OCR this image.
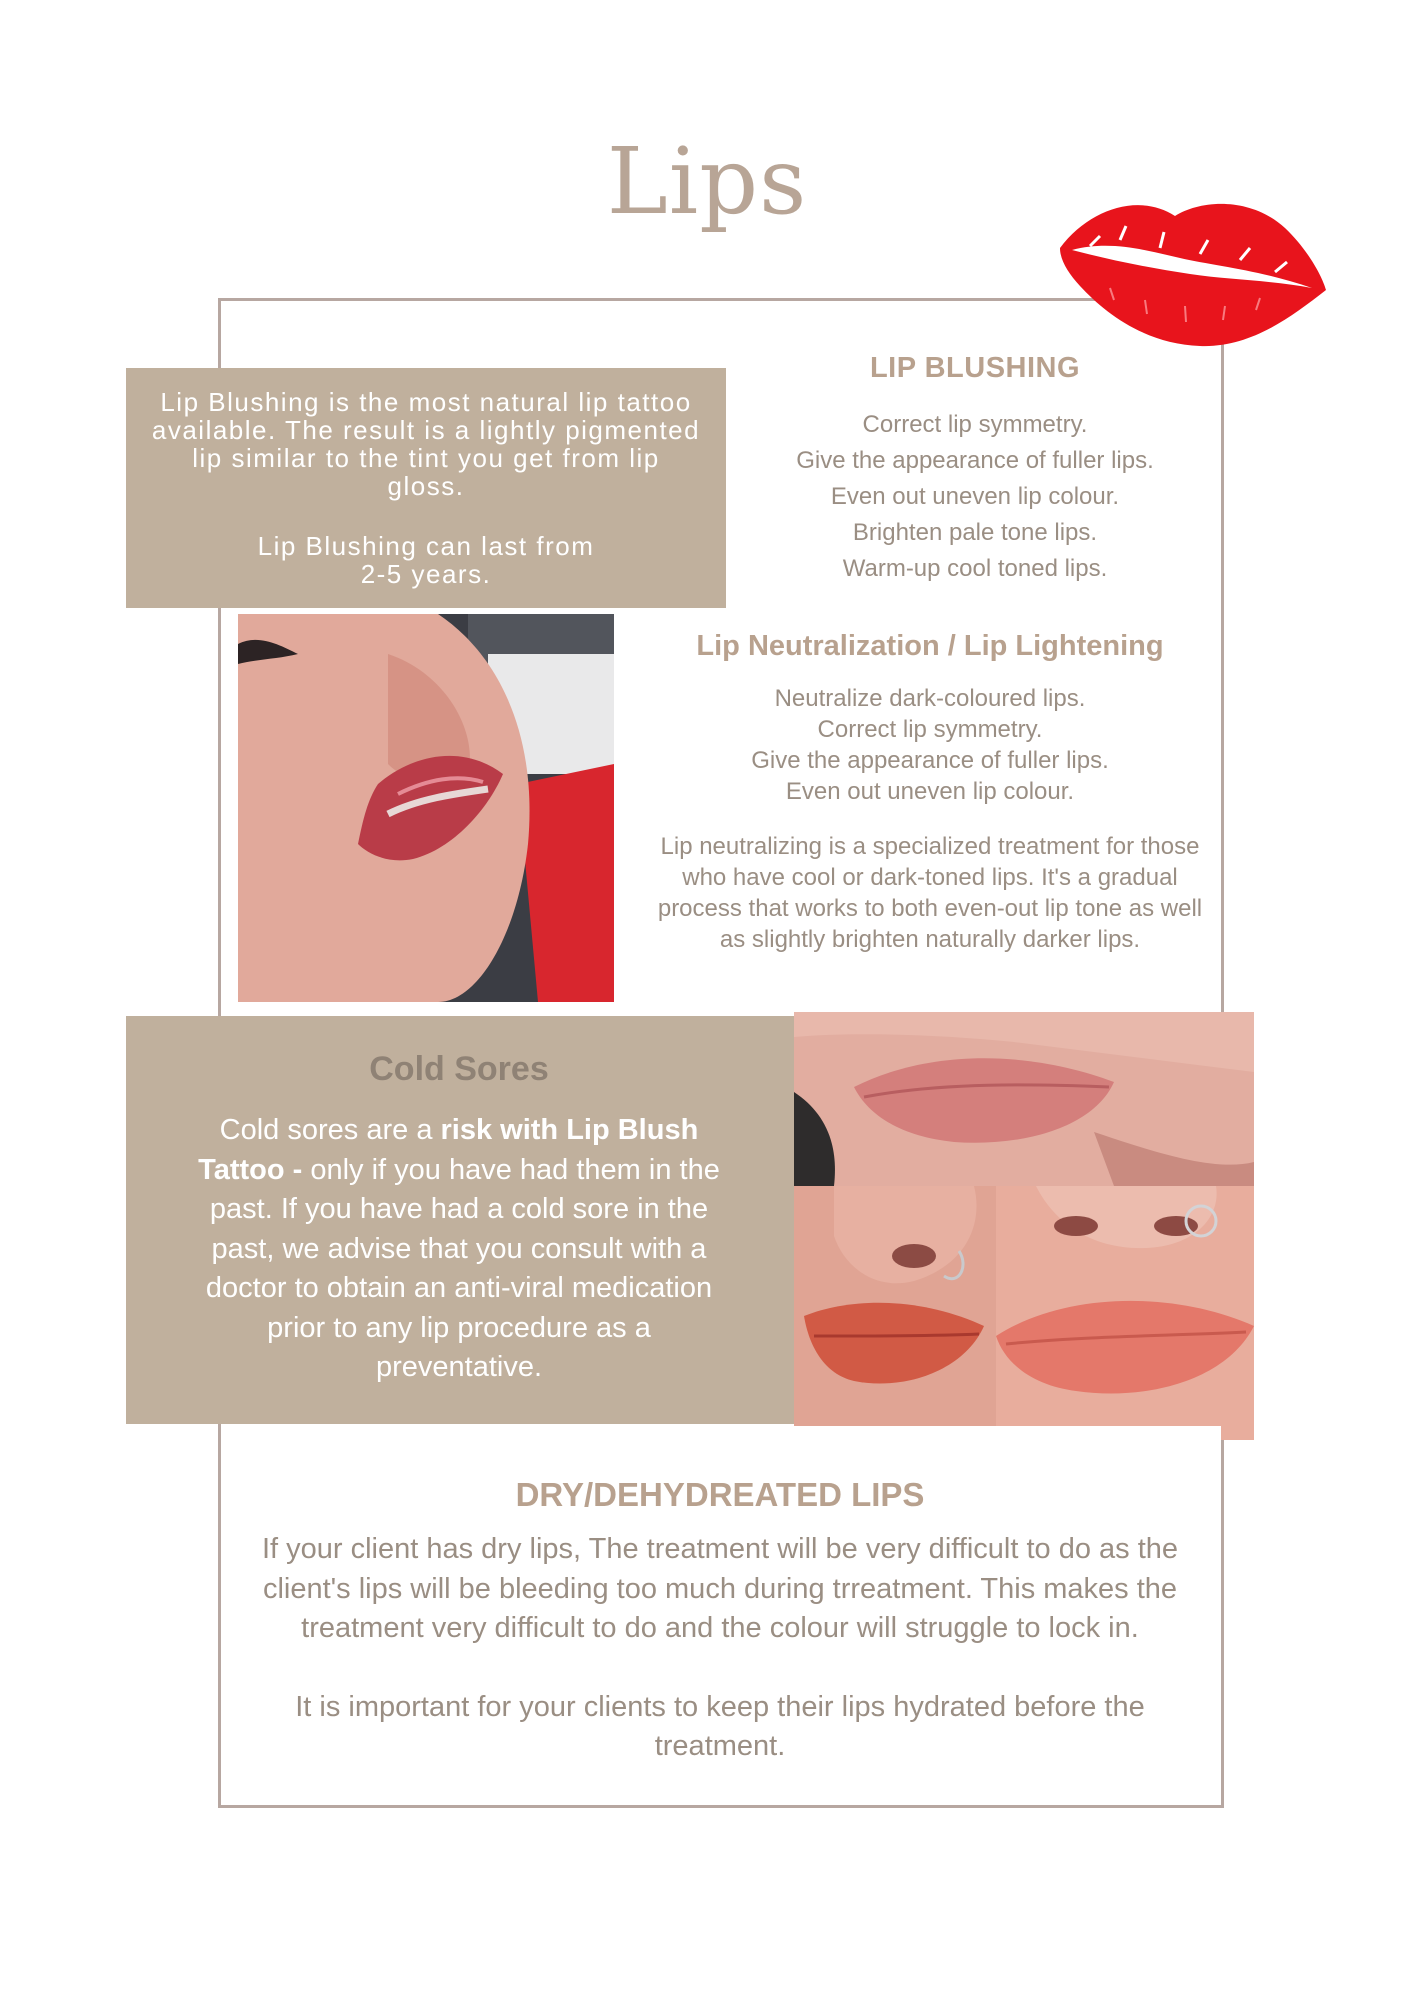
Lips

Lip Blushing is the most natural lip tattoo available. The result is a lightly pigmented lip similar to the tint you get from lip gloss.

Lip Blushing can last from 2-5 years.

LIP BLUSHING
Correct lip symmetry.
Give the appearance of fuller lips.
Even out uneven lip colour.
Brighten pale tone lips.
Warm-up cool toned lips.
Lip Neutralization / Lip Lightening
Neutralize dark-coloured lips.
Correct lip symmetry.
Give the appearance of fuller lips.
Even out uneven lip colour.

Lip neutralizing is a specialized treatment for those who have cool or dark-toned lips. It's a gradual process that works to both even-out lip tone as well as slightly brighten naturally darker lips.

Cold Sores

Cold sores are a risk with Lip Blush Tattoo - only if you have had them in the past. If you have had a cold sore in the past, we advise that you consult with a doctor to obtain an anti-viral medication prior to any lip procedure as a preventative.

DRY/DEHYDREATED LIPS

If your client has dry lips, The treatment will be very difficult to do as the client's lips will be bleeding too much during trreatment. This makes the treatment very difficult to do and the colour will struggle to lock in.

It is important for your clients to keep their lips hydrated before the treatment.
